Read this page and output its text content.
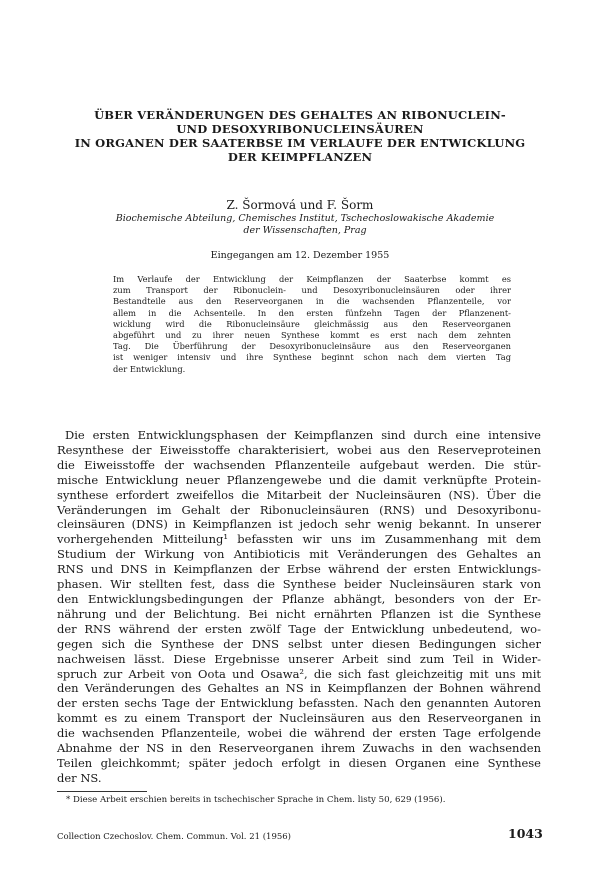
ÜBER VERÄNDERUNGEN DES GEHALTES AN RIBONUCLEIN-
UND DESOXYRIBONUCLEINSÄUREN
IN ORGANEN DER SAATERBSE IM VERLAUFE DER ENTWICKLUNG
DER KEIMPFLANZEN
Z. Šormová und F. Šorm
Biochemische Abteilung, Chemisches Institut, Tschechoslowakische Akademie
der Wissenschaften, Prag
Eingegangen am 12. Dezember 1955
Im Verlaufe der Entwicklung der Keimpflanzen der Saaterbse kommt es
zum Transport der Ribonuclein- und Desoxyribonucleinsäuren oder ihrer
Bestandteile aus den Reserveorganen in die wachsenden Pflanzenteile, vor
allem in die Achsenteile. In den ersten fünfzehn Tagen der Pflanzenent-
wicklung wird die Ribonucleinsäure gleichmässig aus den Reserveorganen
abgeführt und zu ihrer neuen Synthese kommt es erst nach dem zehnten
Tag. Die Überführung der Desoxyribonucleinsäure aus den Reserveorganen
ist weniger intensiv und ihre Synthese beginnt schon nach dem vierten Tag
der Entwicklung.
Die ersten Entwicklungsphasen der Keimpflanzen sind durch eine intensive
Resynthese der Eiweisstoffe charakterisiert, wobei aus den Reserveproteinen
die Eiweisstoffe der wachsenden Pflanzenteile aufgebaut werden. Die stür-
mische Entwicklung neuer Pflanzengewebe und die damit verknüpfte Protein-
synthese erfordert zweifellos die Mitarbeit der Nucleinsäuren (NS). Über die
Veränderungen im Gehalt der Ribonucleinsäuren (RNS) und Desoxyribonu-
cleinsäuren (DNS) in Keimpflanzen ist jedoch sehr wenig bekannt. In unserer
vorhergehenden Mitteilung¹ befassten wir uns im Zusammenhang mit dem
Studium der Wirkung von Antibioticis mit Veränderungen des Gehaltes an
RNS und DNS in Keimpflanzen der Erbse während der ersten Entwicklungs-
phasen. Wir stellten fest, dass die Synthese beider Nucleinsäuren stark von
den Entwicklungsbedingungen der Pflanze abhängt, besonders von der Er-
nährung und der Belichtung. Bei nicht ernährten Pflanzen ist die Synthese
der RNS während der ersten zwölf Tage der Entwicklung unbedeutend, wo-
gegen sich die Synthese der DNS selbst unter diesen Bedingungen sicher
nachweisen lässt. Diese Ergebnisse unserer Arbeit sind zum Teil in Wider-
spruch zur Arbeit von Oota und Osawa², die sich fast gleichzeitig mit uns mit
den Veränderungen des Gehaltes an NS in Keimpflanzen der Bohnen während
der ersten sechs Tage der Entwicklung befassten. Nach den genannten Autoren
kommt es zu einem Transport der Nucleinsäuren aus den Reserveorganen in
die wachsenden Pflanzenteile, wobei die während der ersten Tage erfolgende
Abnahme der NS in den Reserveorganen ihrem Zuwachs in den wachsenden
Teilen gleichkommt; später jedoch erfolgt in diesen Organen eine Synthese
der NS.
* Diese Arbeit erschien bereits in tschechischer Sprache in Chem. listy 50, 629 (1956).
Collection Czechoslov. Chem. Commun. Vol. 21 (1956)	1043
